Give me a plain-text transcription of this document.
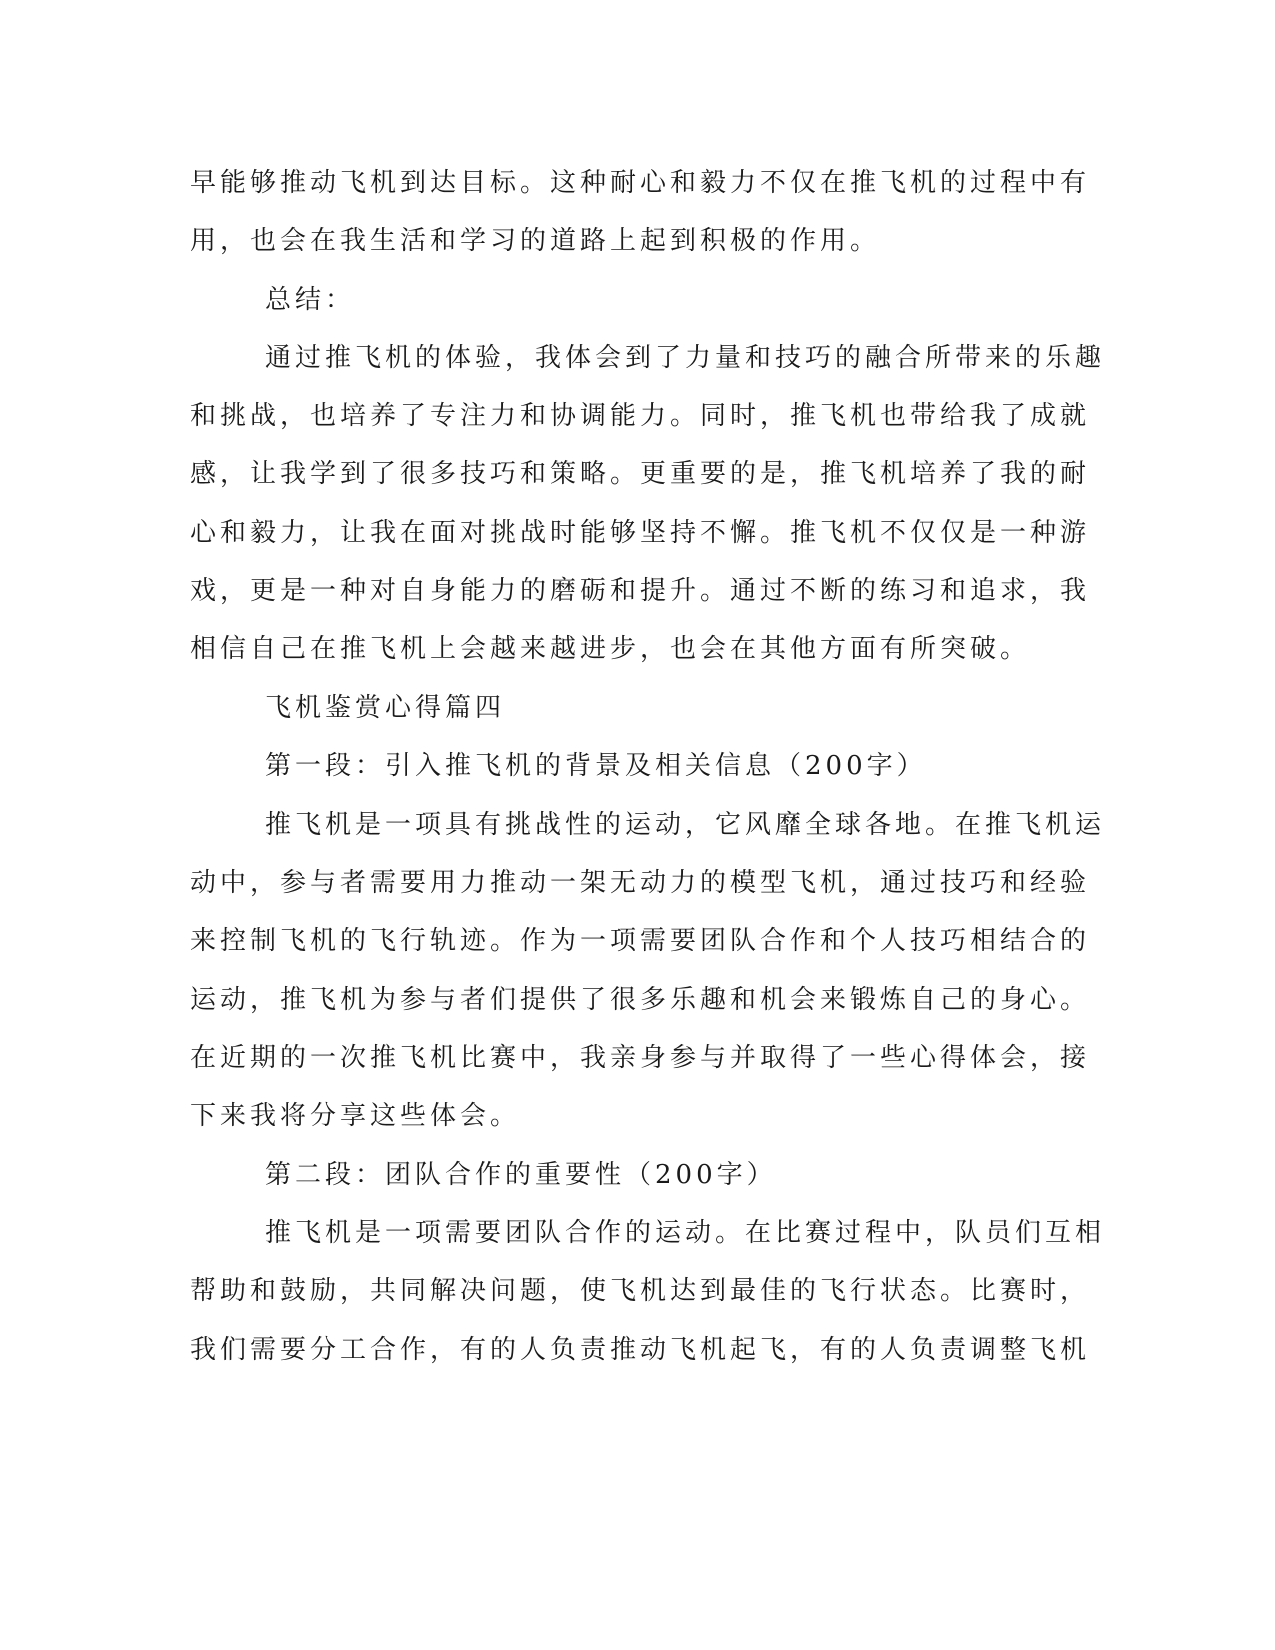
早能够推动飞机到达目标。这种耐心和毅力不仅在推飞机的过程中有
用，也会在我生活和学习的道路上起到积极的作用。
总结：
通过推飞机的体验，我体会到了力量和技巧的融合所带来的乐趣
和挑战，也培养了专注力和协调能力。同时，推飞机也带给我了成就
感，让我学到了很多技巧和策略。更重要的是，推飞机培养了我的耐
心和毅力，让我在面对挑战时能够坚持不懈。推飞机不仅仅是一种游
戏，更是一种对自身能力的磨砺和提升。通过不断的练习和追求，我
相信自己在推飞机上会越来越进步，也会在其他方面有所突破。
飞机鉴赏心得篇四
第一段：引入推飞机的背景及相关信息（200字）
推飞机是一项具有挑战性的运动，它风靡全球各地。在推飞机运
动中，参与者需要用力推动一架无动力的模型飞机，通过技巧和经验
来控制飞机的飞行轨迹。作为一项需要团队合作和个人技巧相结合的
运动，推飞机为参与者们提供了很多乐趣和机会来锻炼自己的身心。
在近期的一次推飞机比赛中，我亲身参与并取得了一些心得体会，接
下来我将分享这些体会。
第二段：团队合作的重要性（200字）
推飞机是一项需要团队合作的运动。在比赛过程中，队员们互相
帮助和鼓励，共同解决问题，使飞机达到最佳的飞行状态。比赛时，
我们需要分工合作，有的人负责推动飞机起飞，有的人负责调整飞机
